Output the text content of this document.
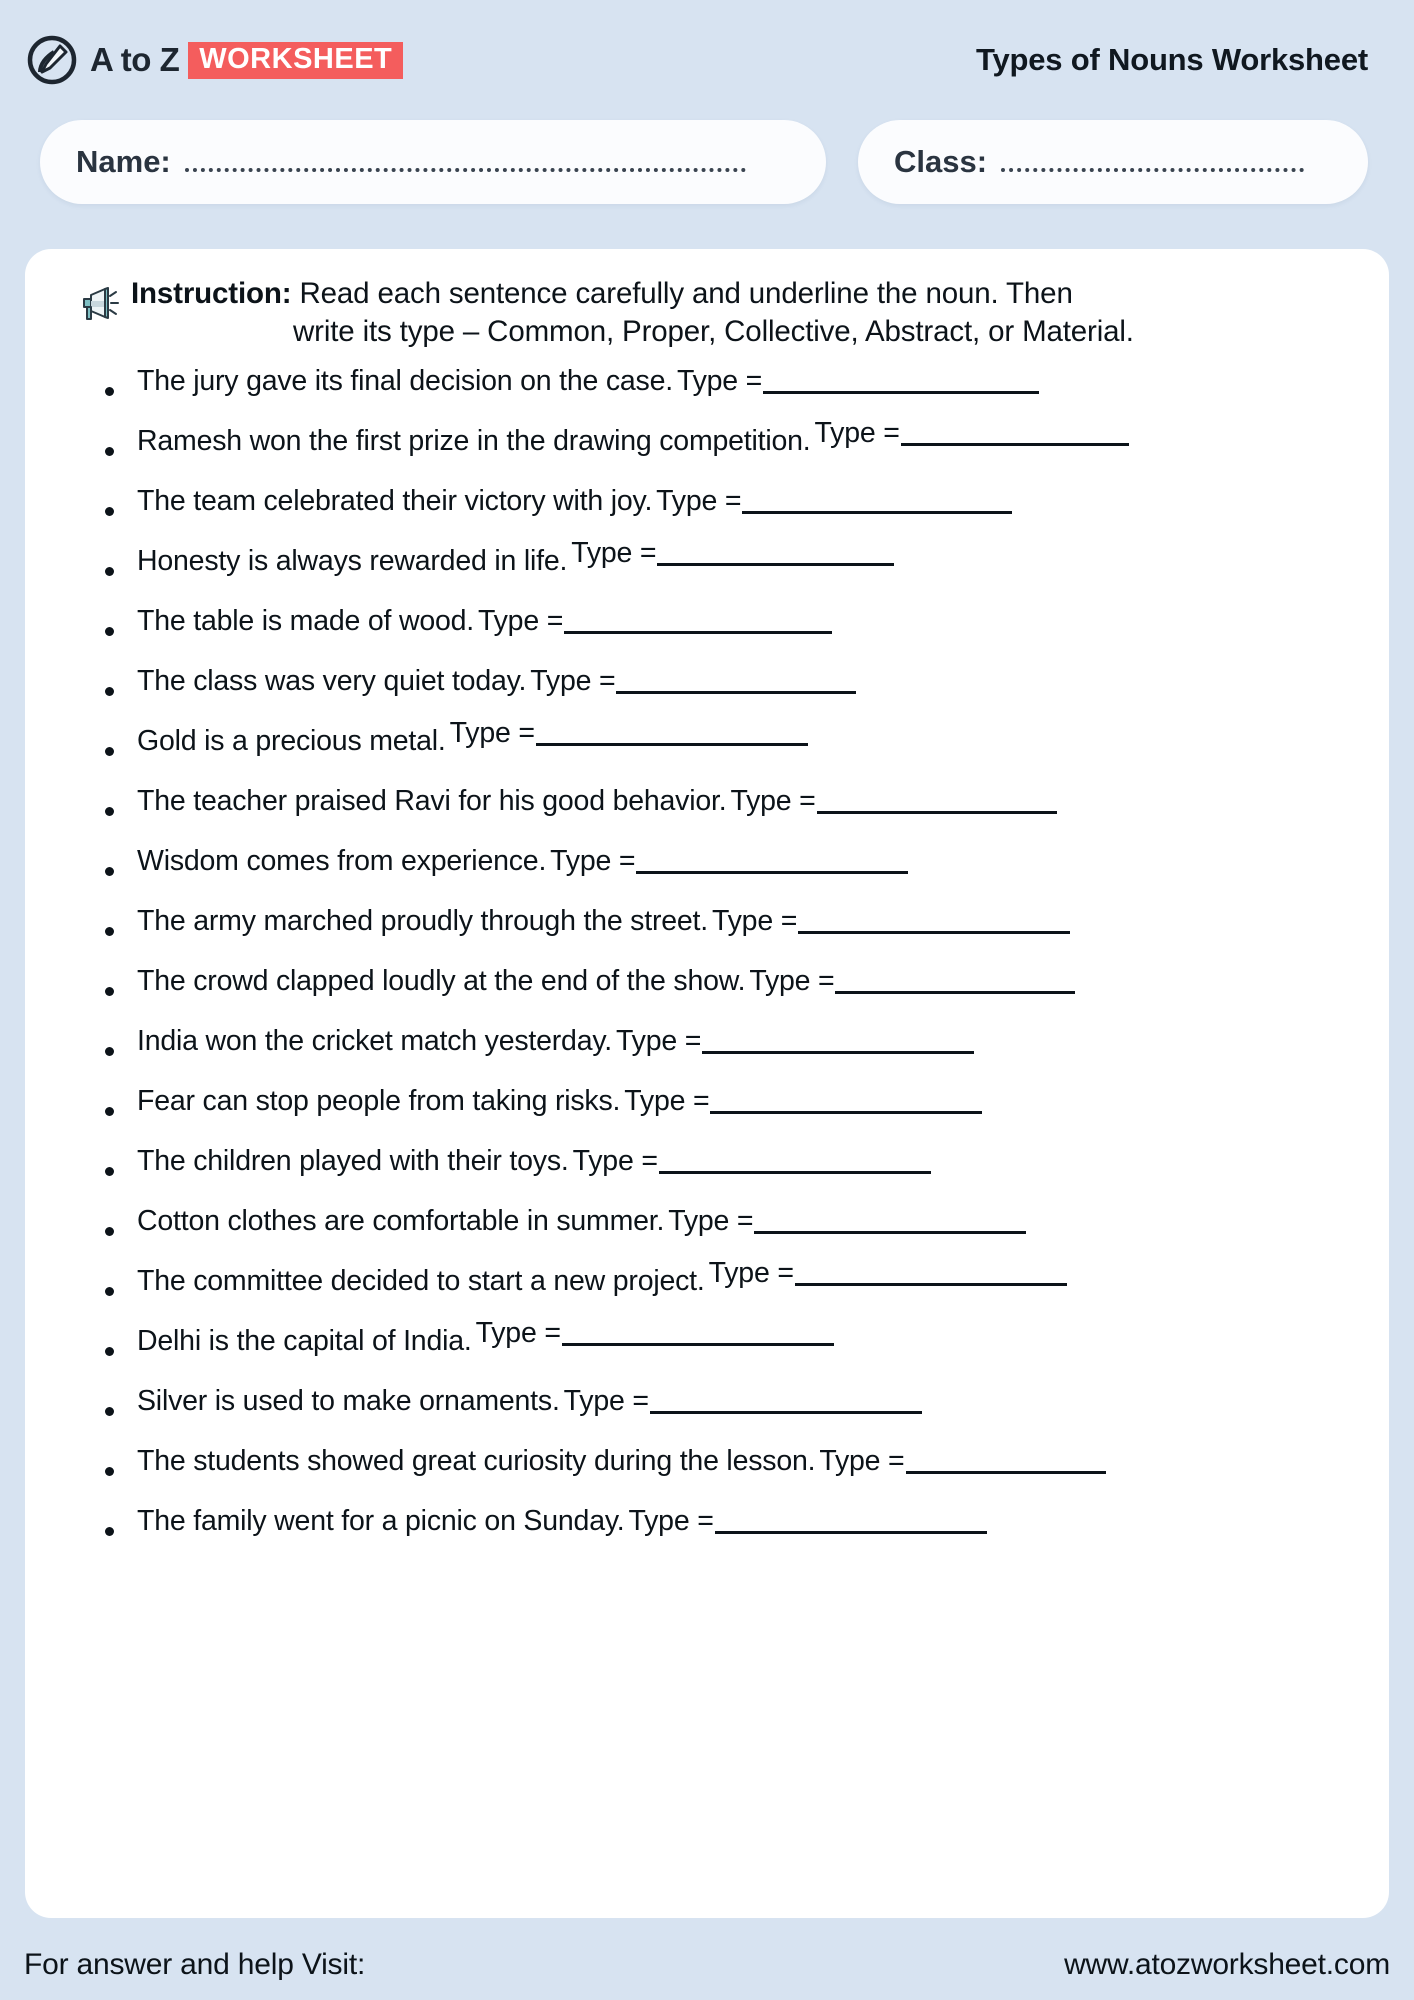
A to Z WORKSHEET	Types of Nouns Worksheet
Name:	Class:
Instruction: Read each sentence carefully and underline the noun. Then
write its type – Common, Proper, Collective, Abstract, or Material.
The jury gave its final decision on the case. Type =
Ramesh won the first prize in the drawing competition. Type =
The team celebrated their victory with joy. Type =
Honesty is always rewarded in life. Type =
The table is made of wood. Type =
The class was very quiet today. Type =
Gold is a precious metal. Type =
The teacher praised Ravi for his good behavior. Type =
Wisdom comes from experience. Type =
The army marched proudly through the street. Type =
The crowd clapped loudly at the end of the show. Type =
India won the cricket match yesterday. Type =
Fear can stop people from taking risks. Type =
The children played with their toys. Type =
Cotton clothes are comfortable in summer. Type =
The committee decided to start a new project. Type =
Delhi is the capital of India. Type =
Silver is used to make ornaments. Type =
The students showed great curiosity during the lesson. Type =
The family went for a picnic on Sunday. Type =
For answer and help Visit:	www.atozworksheet.com
